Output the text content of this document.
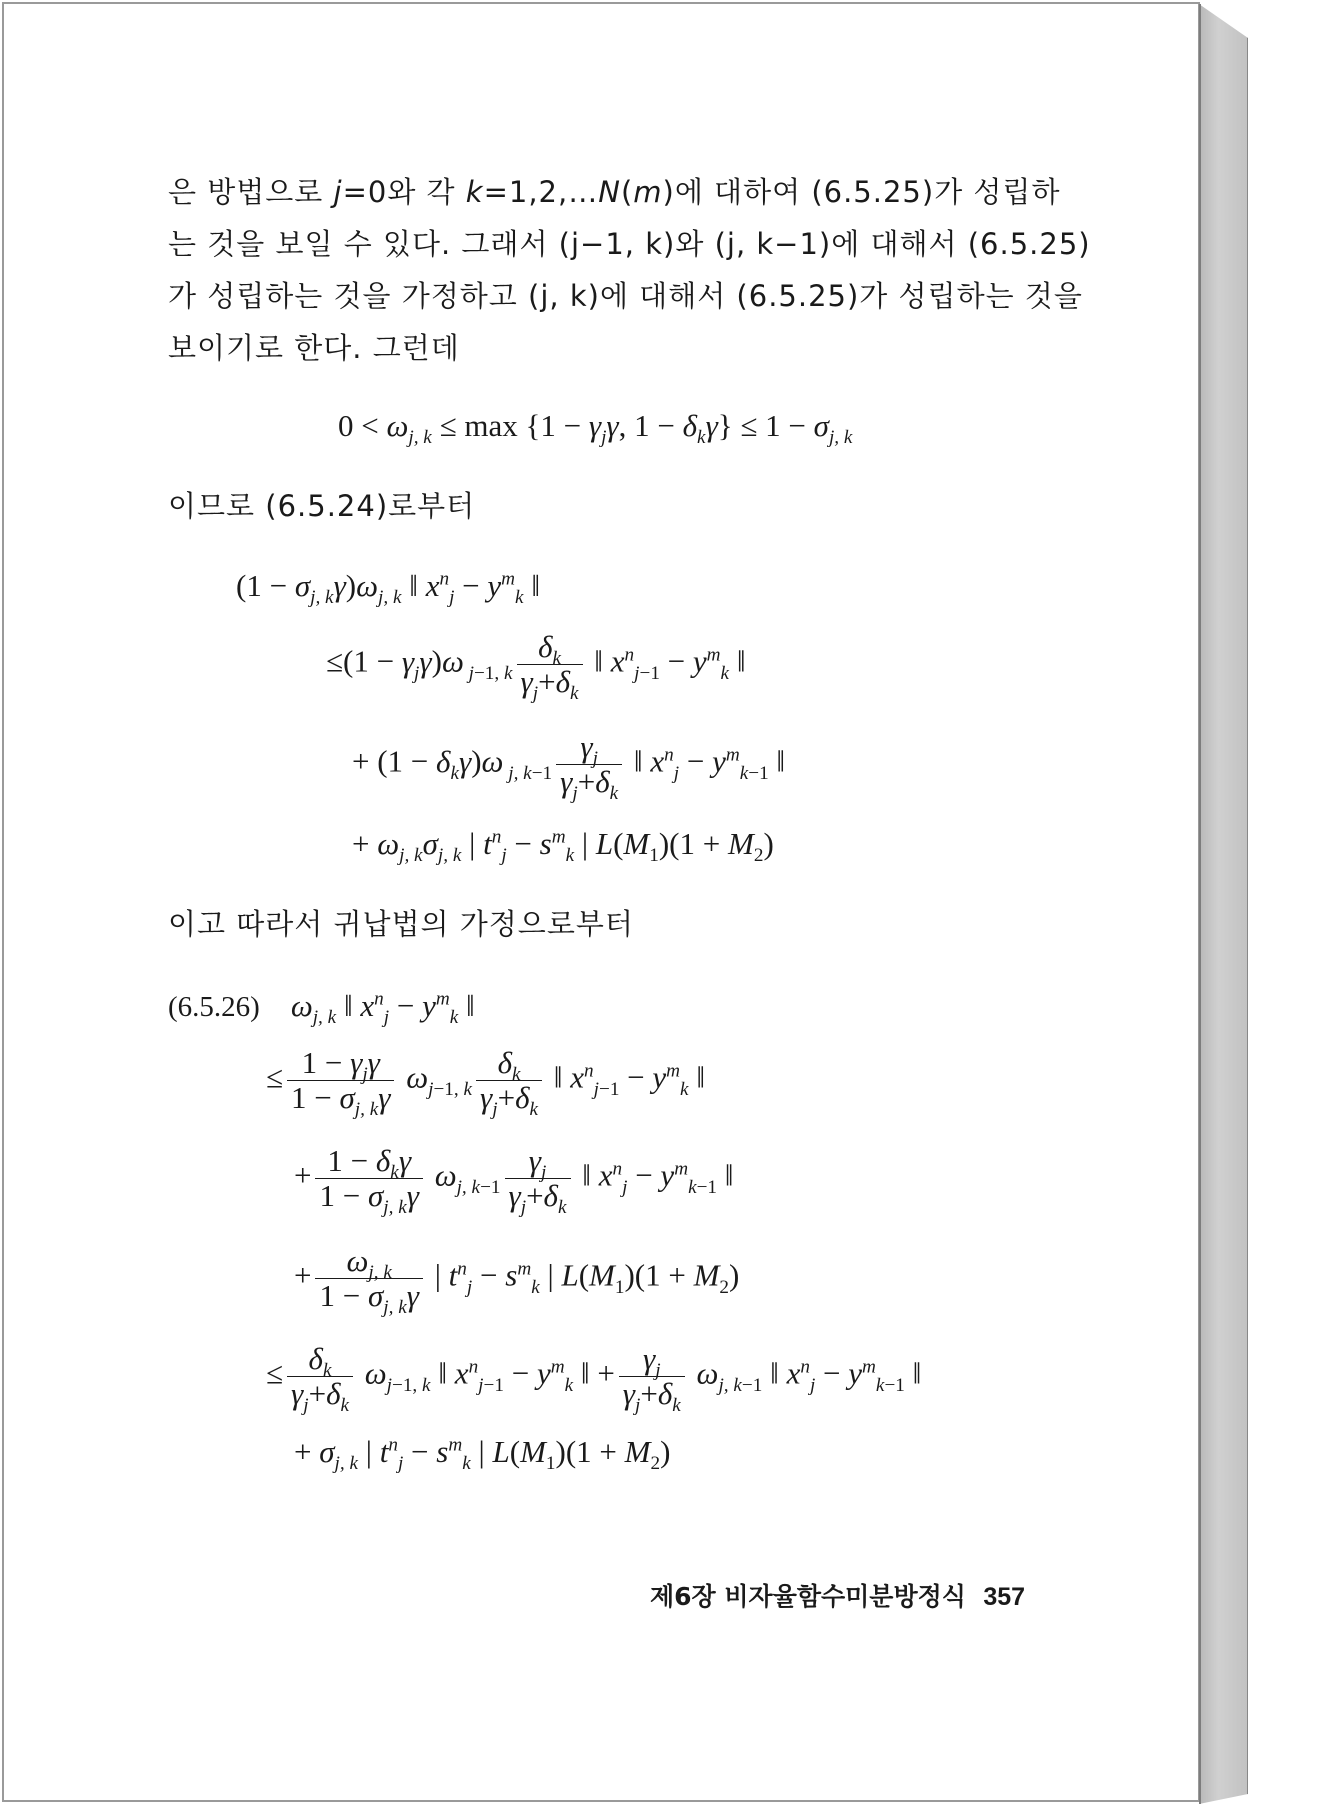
은 방법으로 j=0와 각 k=1,2,…N(m)에 대하여 (6.5.25)가 성립하
는 것을 보일 수 있다. 그래서 (j−1, k)와 (j, k−1)에 대해서 (6.5.25)
가 성립하는 것을 가정하고 (j, k)에 대해서 (6.5.25)가 성립하는 것을
보이기로 한다. 그런데
$0 < \omega_{j, k} \le \max \{1 - \gamma_j\gamma$, $1 - \delta_k\gamma\} \le 1 - \sigma_{j, k}$
이므로 (6.5.24)로부터
$(1 - \sigma_{j, k}\gamma)\omega_{j, k}$ ‖ $x^n_j - y^m_k$ ‖
$\le(1 - \gamma_j\gamma)\omega$ $_{j-1, k} \frac{\delta_k}{\gamma_j+\delta_k}$ ‖ $x^n_{j-1} - y^m_k$ ‖
+ $(1 - \delta_k\gamma)\omega$ $_{j, k-1} \frac{\gamma_j}{\gamma_j+\delta_k}$ ‖ $x^n_j - y^m_{k-1}$ ‖
+ $\omega_{j, k}\sigma_{j, k}$ | $t^n_j - s^m_k$ | $L(M_1)(1 + M_2)$
이고 따라서 귀납법의 가정으로부터
(6.5.26) $\omega_{j, k}$ ‖ $x^n_j - y^m_k$ ‖
≤ $\frac{1 - \gamma_j\gamma}{1 - \sigma_{j, k}\gamma} \omega_{j-1, k} \frac{\delta_k}{\gamma_j+\delta_k}$ ‖ $x^n_{j-1} - y^m_k$ ‖
+ $\frac{1 - \delta_k\gamma}{1 - \sigma_{j, k}\gamma} \omega_{j, k-1} \frac{\gamma_j}{\gamma_j+\delta_k}$ ‖ $x^n_j - y^m_{k-1}$ ‖
+ $\frac{\omega_{j, k}}{1 - \sigma_{j, k}\gamma}$ | $t^n_j - s^m_k$ | $L(M_1)(1 + M_2)$
≤ $\frac{\delta_k}{\gamma_j+\delta_k} \omega_{j-1, k}$ ‖ $x^n_{j-1} - y^m_k$ ‖ + $\frac{\gamma_j}{\gamma_j+\delta_k} \omega_{j, k-1}$ ‖ $x^n_j - y^m_{k-1}$ ‖
+ $\sigma_{j, k}$ | $t^n_j - s^m_k$ | $L(M_1)(1 + M_2)$
제6장 비자율함수미분방정식 357
